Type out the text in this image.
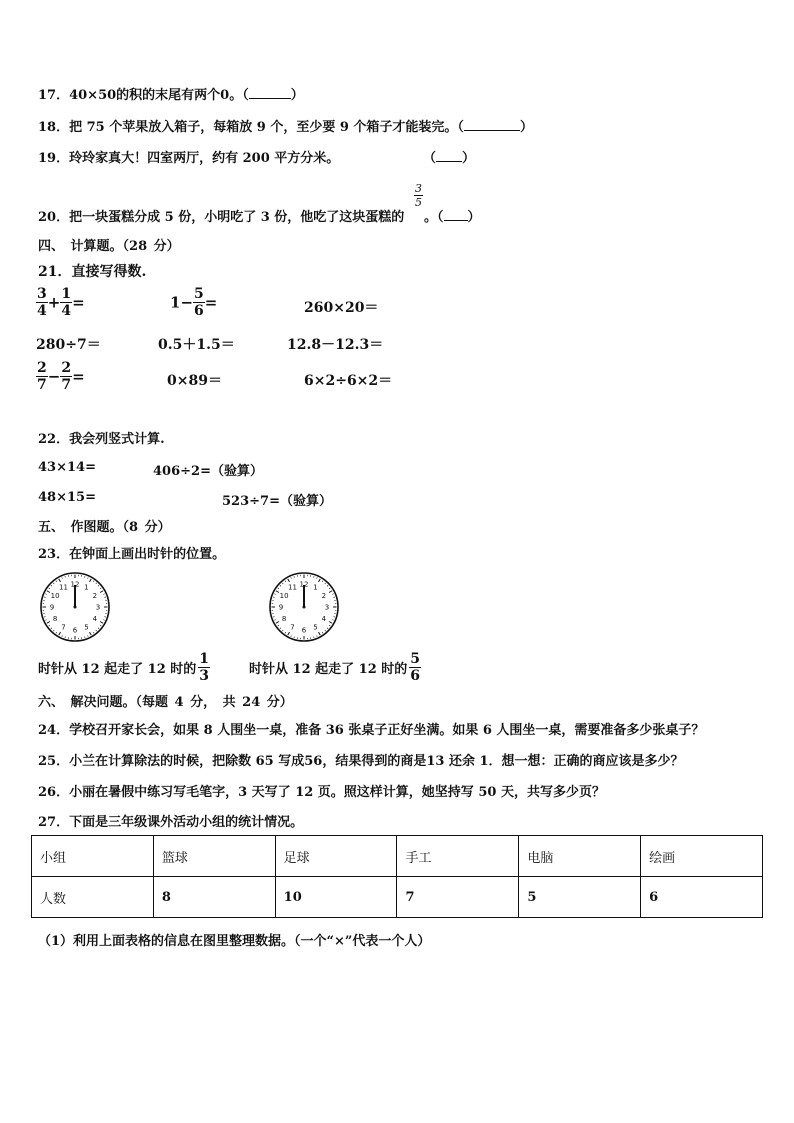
17．40×50的积的末尾有两个0。（	）
18．把 75 个苹果放入箱子，每箱放 9 个，至少要 9 个箱子才能装完。（	）
19．玲玲家真大！四室两厅，约有 200 平方分米。	（ ）
20．把一块蛋糕分成 5 份，小明吃了 3 份，他吃了这块蛋糕的
3
5
。（ ）
四、 计算题。（28 分）
21．直接写得数.
$\frac{3}{4} + \frac{1}{4}$ =	$1- \frac{5}{6}$ =	260×20＝
280÷7＝	0.5＋1.5＝	12.8－12.3＝
$\frac{2}{7} - \frac{2}{7}$ =	0×89＝	6×2÷6×2＝
22．我会列竖式计算.
43×14=	406÷2=（验算）
48×15=	523÷7=（验算）
五、 作图题。（8 分）
23．在钟面上画出时针的位置。
12 1
2
3
4
5
6
7
8
9
10
11	12 1
2
3
4
5
6
7
8
9
10
11
时针从 12 起走了 12 时的 $\frac{1}{3}$	时针从 12 起走了 12 时的 $\frac{5}{6}$
六、 解决问题。（每题 4 分， 共 24 分）
24．学校召开家长会，如果 8 人围坐一桌，准备 36 张桌子正好坐满。如果 6 人围坐一桌，需要准备多少张桌子？
25．小兰在计算除法的时候，把除数 65 写成56，结果得到的商是13 还余 1．想一想：正确的商应该是多少？
26．小丽在暑假中练习写毛笔字，3 天写了 12 页。照这样计算，她坚持写 50 天，共写多少页？
27．下面是三年级课外活动小组的统计情况。
小组	篮球	足球	手工	电脑	绘画
人数	8	10	7	5	6
（1）利用上面表格的信息在图里整理数据。（一个“×”代表一个人）
